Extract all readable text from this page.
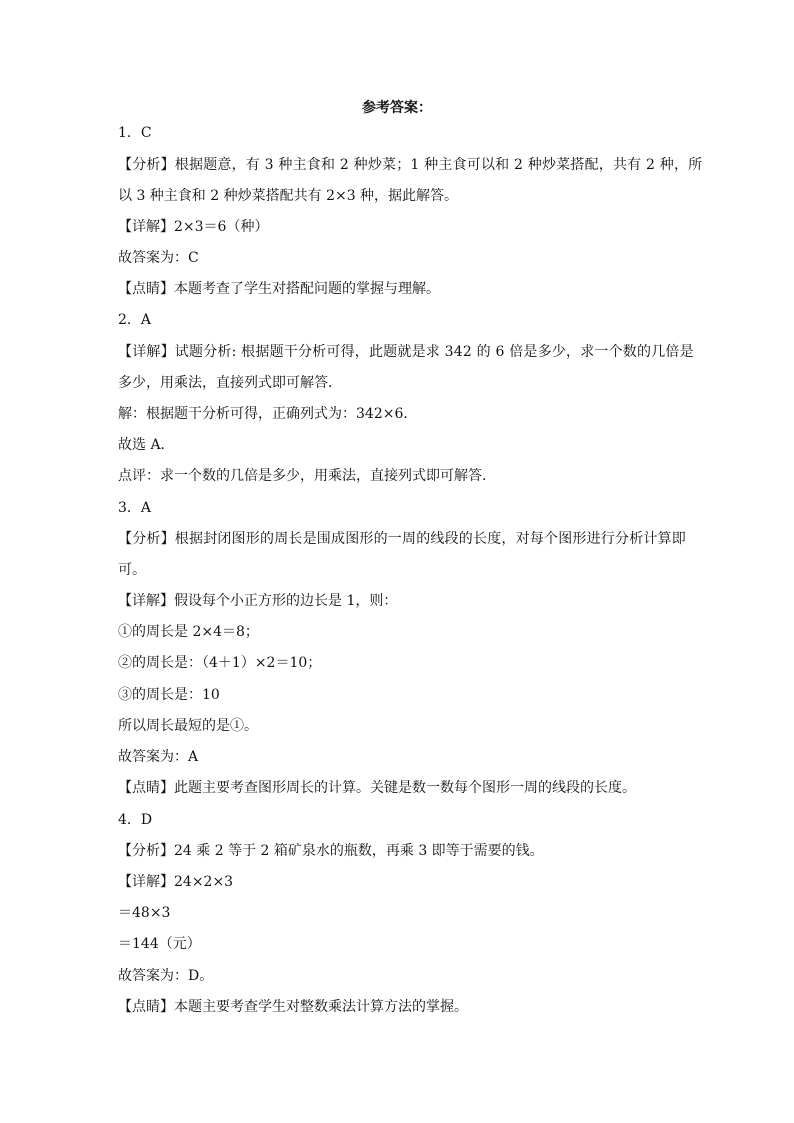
参考答案：
1．C
【分析】根据题意，有 3 种主食和 2 种炒菜；1 种主食可以和 2 种炒菜搭配，共有 2 种，所
以 3 种主食和 2 种炒菜搭配共有 2×3 种，据此解答。
【详解】2×3＝6（种）
故答案为：C
【点睛】本题考查了学生对搭配问题的掌握与理解。
2．A
【详解】试题分析: 根据题干分析可得，此题就是求 342 的 6 倍是多少，求一个数的几倍是
多少，用乘法，直接列式即可解答．
解：根据题干分析可得，正确列式为：342×6．
故选 A．
点评：求一个数的几倍是多少，用乘法，直接列式即可解答．
3．A
【分析】根据封闭图形的周长是围成图形的一周的线段的长度，对每个图形进行分析计算即
可。
【详解】假设每个小正方形的边长是 1，则：
①的周长是 2×4＝8；
②的周长是：（4＋1）×2＝10；
③的周长是：10
所以周长最短的是①。
故答案为：A
【点睛】此题主要考查图形周长的计算。关键是数一数每个图形一周的线段的长度。
4．D
【分析】24 乘 2 等于 2 箱矿泉水的瓶数，再乘 3 即等于需要的钱。
【详解】24×2×3
＝48×3
＝144（元）
故答案为：D。
【点睛】本题主要考查学生对整数乘法计算方法的掌握。
